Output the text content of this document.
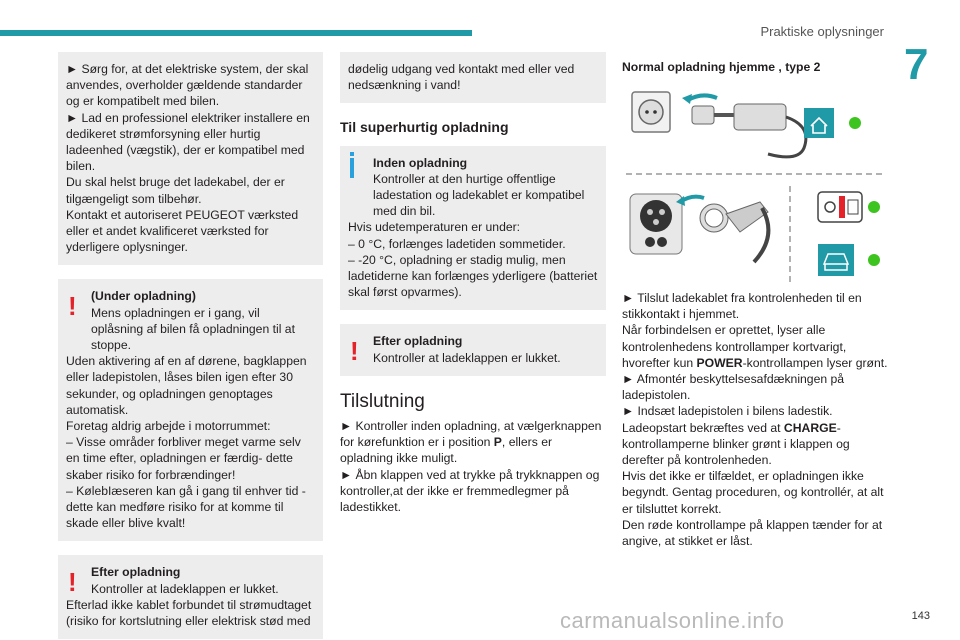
Praktiske oplysninger
7

► Sørg for, at det elektriske system, der skal anvendes, overholder gældende standarder og er kompatibelt med bilen.

► Lad en professionel elektriker installere en dedikeret strømforsyning eller hurtig ladeenhed (vægstik), der er kompatibel med bilen.

Du skal helst bruge det ladekabel, der er tilgængeligt som tilbehør.

Kontakt et autoriseret PEUGEOT værksted eller et andet kvalificeret værksted for yderligere oplysninger.

! (Under opladning)

Mens opladningen er i gang, vil oplåsning af bilen få opladningen til at stoppe.

Uden aktivering af en af dørene, bagklappen eller ladepistolen, låses bilen igen efter 30 sekunder, og opladningen genoptages automatisk.

Foretag aldrig arbejde i motorrummet:

– Visse områder forbliver meget varme selv en time efter, opladningen er færdig- dette skaber risiko for forbrændinger!

– KølebIæseren kan gå i gang til enhver tid - dette kan medføre risiko for at komme til skade eller blive kvalt!

! Efter opladning

Kontroller at ladeklappen er lukket.

Efterlad ikke kablet forbundet til strømudtaget (risiko for kortslutning eller elektrisk stød med

dødelig udgang ved kontakt med eller ved nedsænkning i vand!

Til superhurtig opladning

Inden opladning

Kontroller at den hurtige offentlige ladestation og ladekablet er kompatibel med din bil.

Hvis udetemperaturen er under:

– 0 °C, forlænges ladetiden sommetider.

– -20 °C, opladning er stadig mulig, men ladetiderne kan forlænges yderligere (batteriet skal først opvarmes).

! Efter opladning

Kontroller at ladeklappen er lukket.

Tilslutning

► Kontroller inden opladning, at vælgerknappen for kørefunktion er i position P, ellers er opladning ikke muligt.

► Åbn klappen ved at trykke på trykknappen og kontroller,at der ikke er fremmedlegmer på ladestikket.

Normal opladning hjemme , type 2

► Tilslut ladekablet fra kontrolenheden til en stikkontakt i hjemmet.

Når forbindelsen er oprettet, lyser alle kontrolenhedens kontrollamper kortvarigt, hvorefter kun POWER-kontrollampen lyser grønt.

► Afmontér beskyttelsesafdækningen på ladepistolen.

► Indsæt ladepistolen i bilens ladestik.

Ladeopstart bekræftes ved at CHARGE-kontrollamperne blinker grønt i klappen og derefter på kontrolenheden.

Hvis det ikke er tilfældet, er opladningen ikke begyndt. Gentag proceduren, og kontrollér, at alt er tilsluttet korrekt.

Den røde kontrollampe på klappen tænder for at angive, at stikket er låst.

143
carmanualsonline.info
